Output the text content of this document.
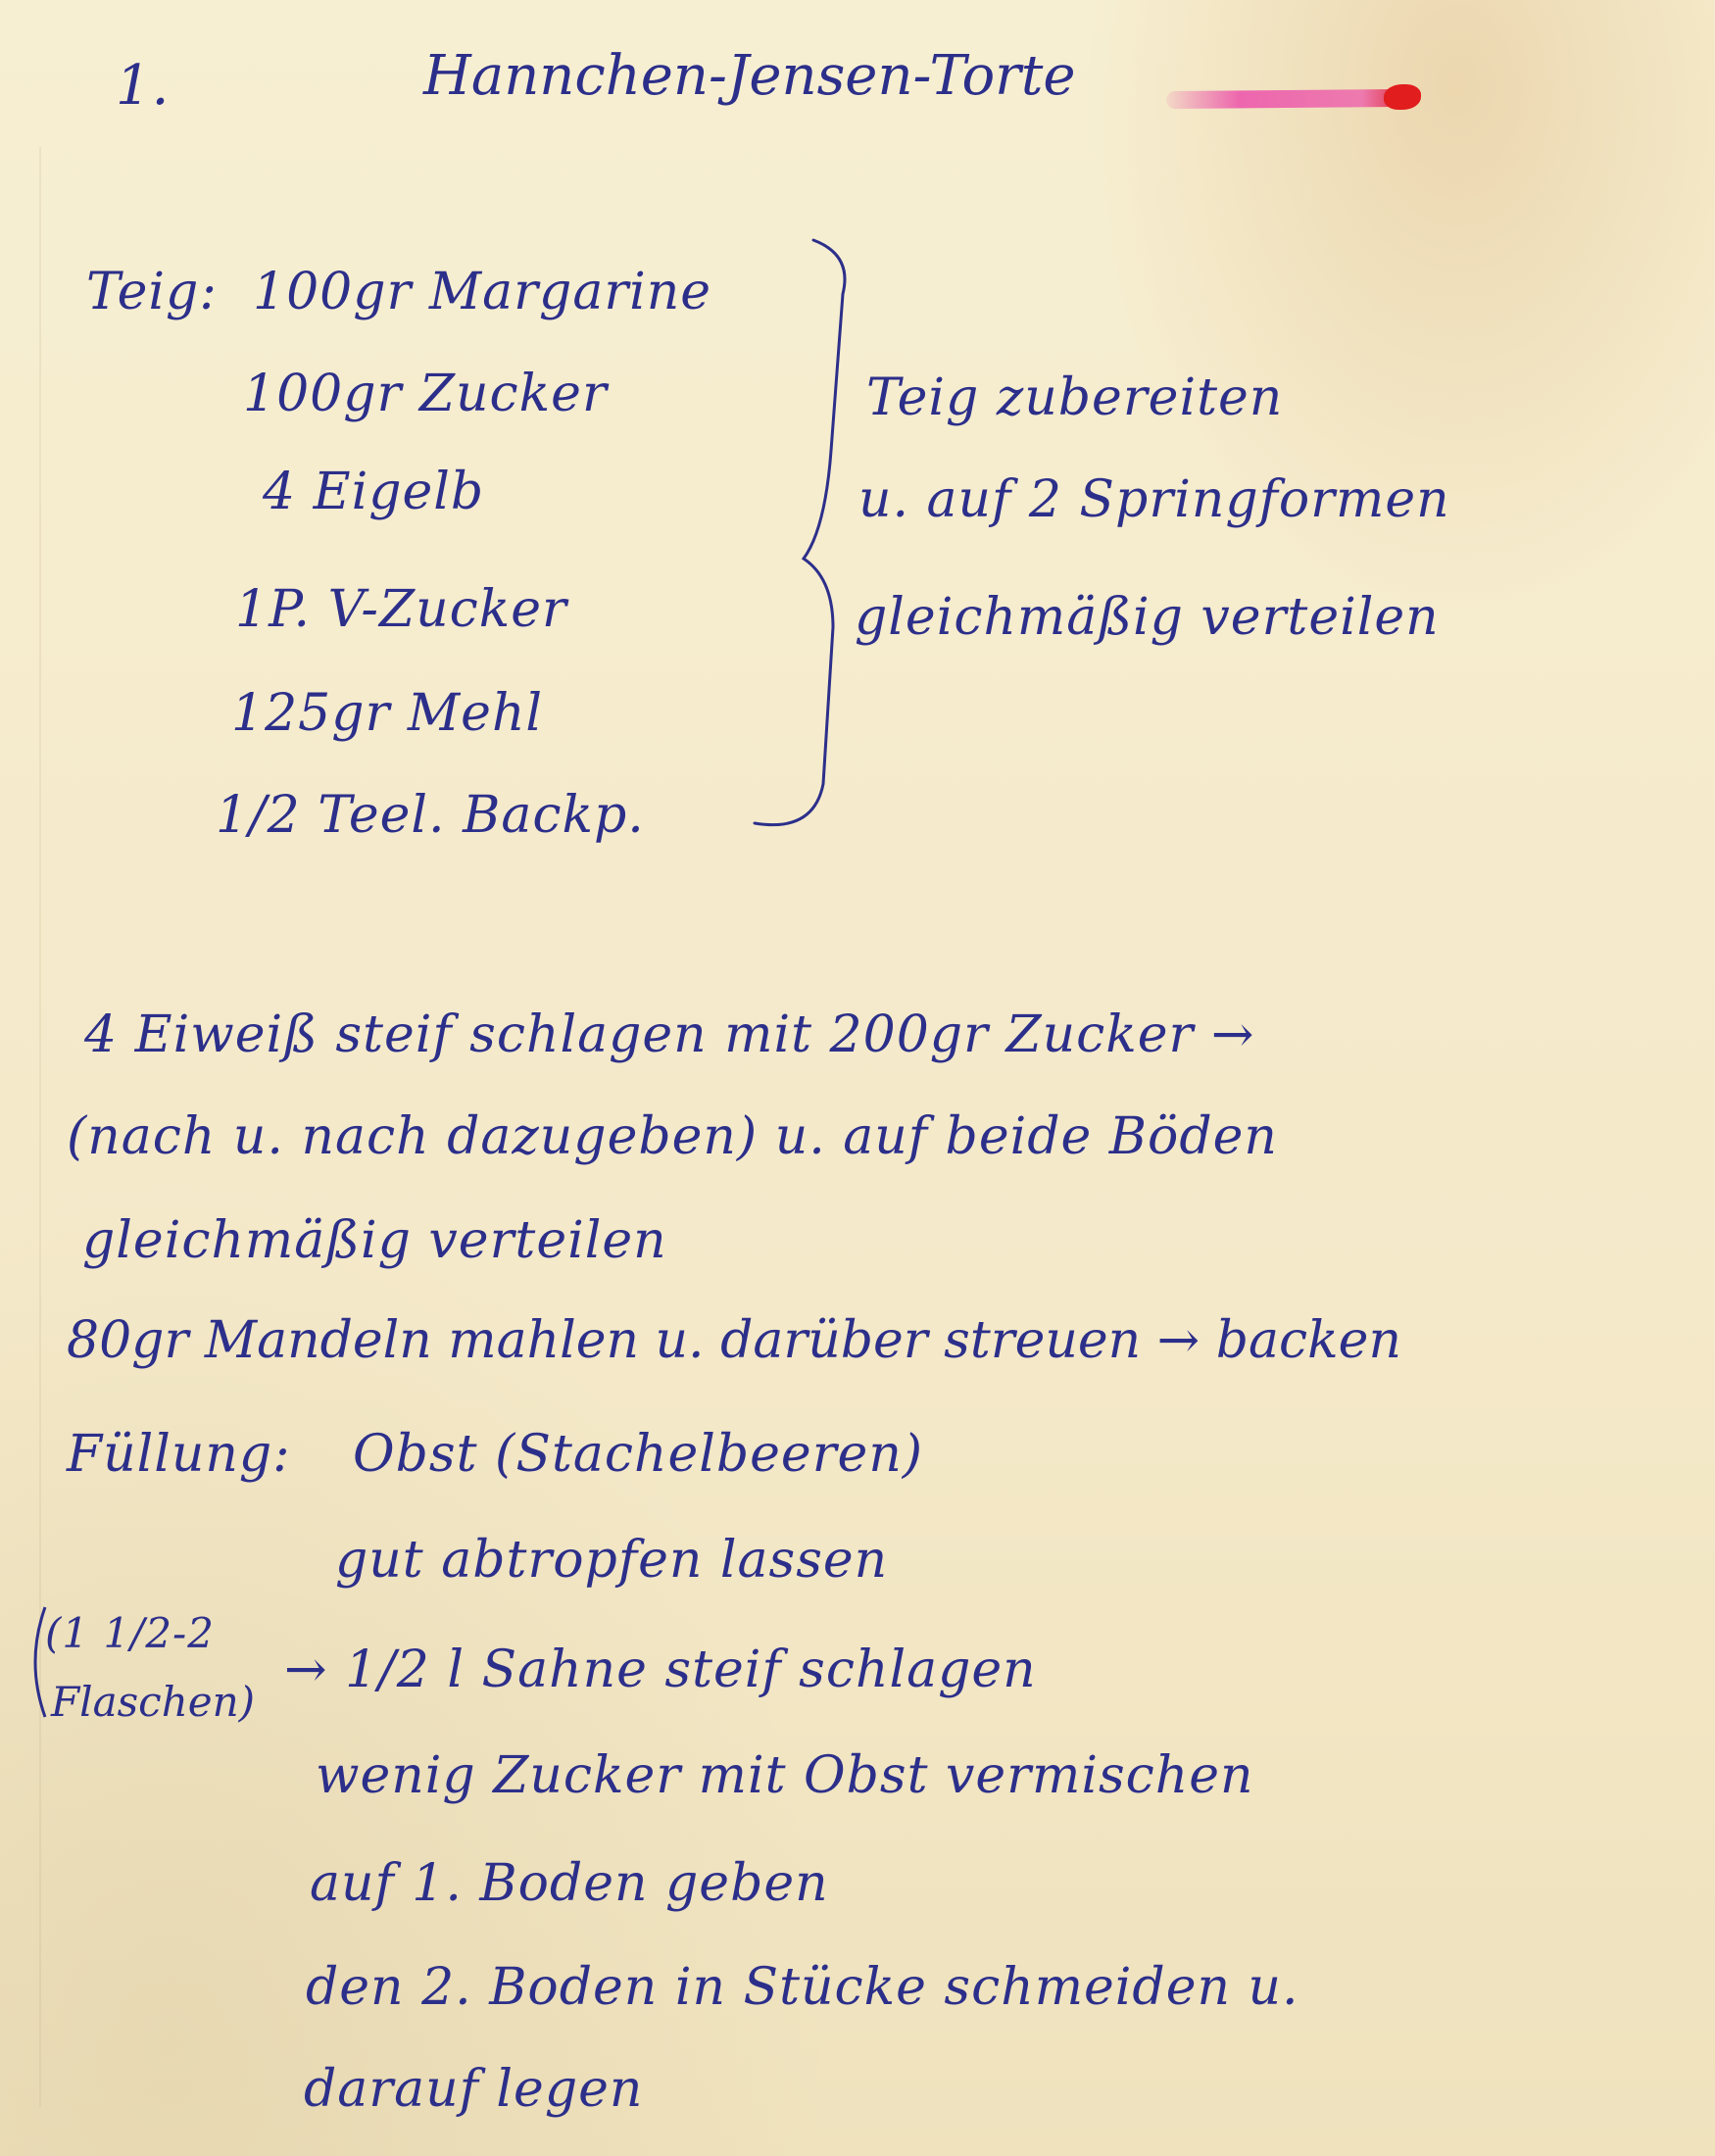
1.	Hannchen-Jensen-Torte
Teig: 100gr Margarine
100gr Zucker
4 Eigelb
1P. V-Zucker
125gr Mehl
1/2 Teel. Backp.
Teig zubereiten
u. auf 2 Springformen
gleichmäßig verteilen
4 Eiweiß steif schlagen mit 200gr Zucker →
(nach u. nach dazugeben) u. auf beide Böden
gleichmäßig verteilen
80gr Mandeln mahlen u. darüber streuen → backen
Füllung: Obst (Stachelbeeren)
gut abtropfen lassen
(1 1/2-2
Flaschen)
→ 1/2 l Sahne steif schlagen
wenig Zucker mit Obst vermischen
auf 1. Boden geben
den 2. Boden in Stücke schmeiden u.
darauf legen
